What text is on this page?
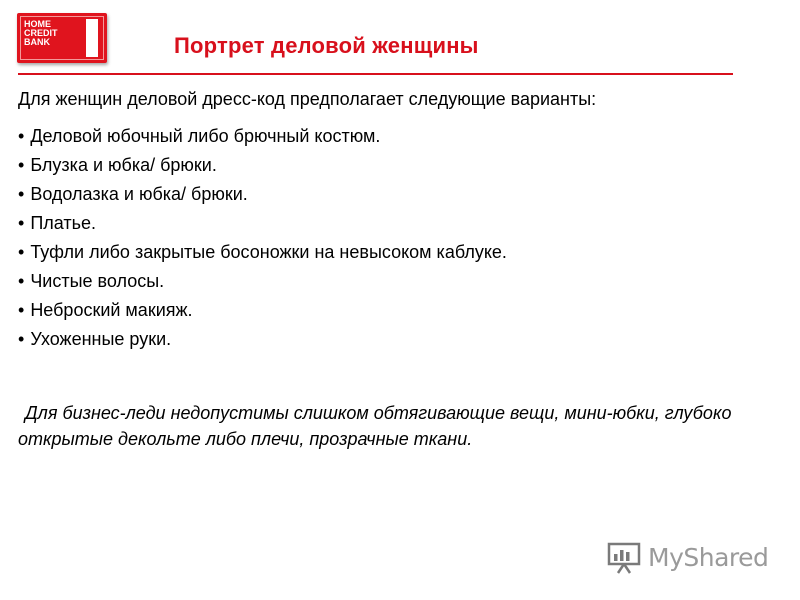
HOME
CREDIT
BANK	Портрет деловой женщины
Для женщин деловой дресс-код предполагает следующие варианты:
• Деловой юбочный либо брючный костюм.
• Блузка и юбка/ брюки.
• Водолазка и юбка/ брюки.
• Платье.
• Туфли либо закрытые босоножки на невысоком каблуке.
• Чистые волосы.
• Неброский макияж.
• Ухоженные руки.

Для бизнес-леди недопустимы слишком обтягивающие вещи, мини-юбки, глубоко открытые декольте либо плечи, прозрачные ткани.

MyShared
